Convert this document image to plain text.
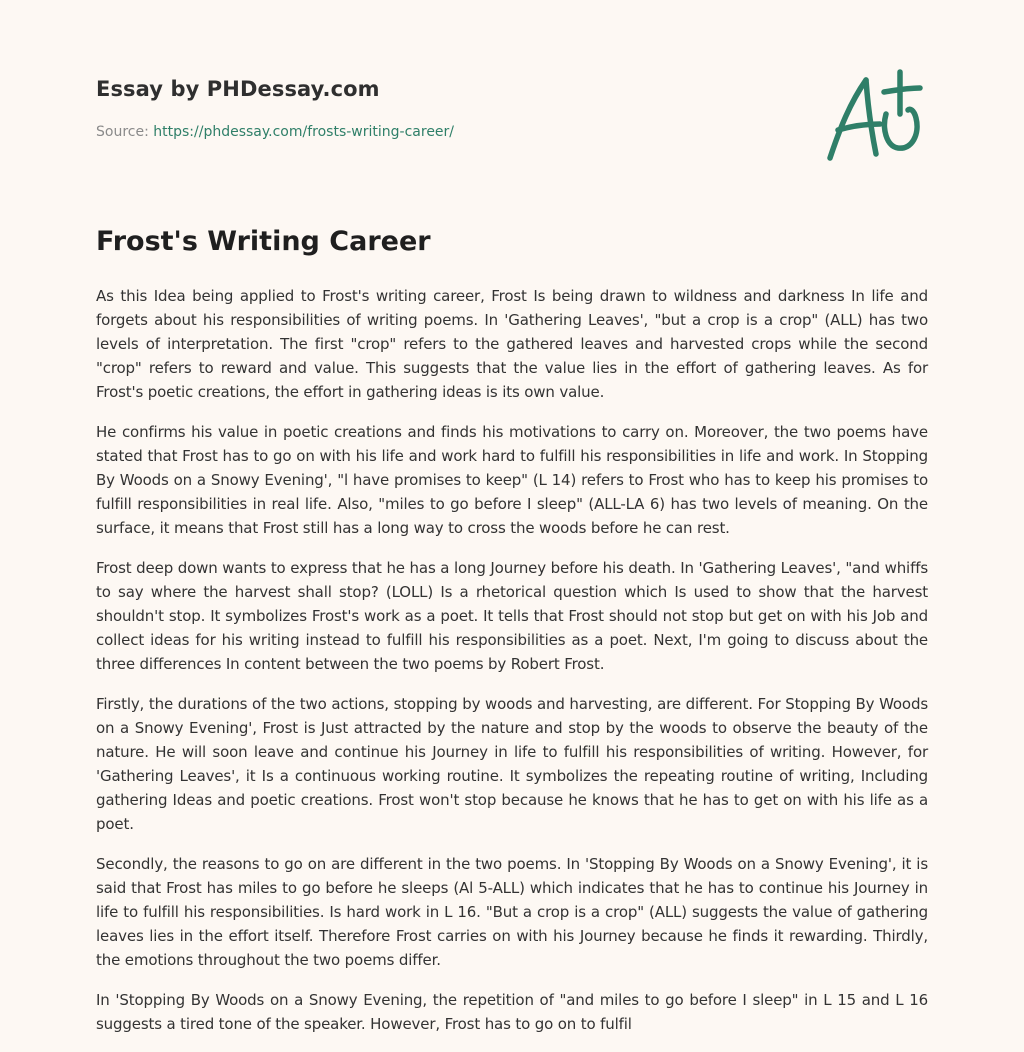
Essay by PHDessay.com
Source: https://phdessay.com/frosts-writing-career/
Frost's Writing Career

As this Idea being applied to Frost's writing career, Frost Is being drawn to wildness and darkness In life and forgets about his responsibilities of writing poems. In 'Gathering Leaves', "but a crop is a crop" (ALL) has two levels of interpretation. The first "crop" refers to the gathered leaves and harvested crops while the second "crop" refers to reward and value. This suggests that the value lies in the effort of gathering leaves. As for Frost's poetic creations, the effort in gathering ideas is its own value.

He confirms his value in poetic creations and finds his motivations to carry on. Moreover, the two poems have stated that Frost has to go on with his life and work hard to fulfill his responsibilities in life and work. In Stopping By Woods on a Snowy Evening', "l have promises to keep" (L 14) refers to Frost who has to keep his promises to fulfill responsibilities in real life. Also, "miles to go before I sleep" (ALL-LA 6) has two levels of meaning. On the surface, it means that Frost still has a long way to cross the woods before he can rest.

Frost deep down wants to express that he has a long Journey before his death. In 'Gathering Leaves', "and whiffs to say where the harvest shall stop? (LOLL) Is a rhetorical question which Is used to show that the harvest shouldn't stop. It symbolizes Frost's work as a poet. It tells that Frost should not stop but get on with his Job and collect ideas for his writing instead to fulfill his responsibilities as a poet. Next, I'm going to discuss about the three differences In content between the two poems by Robert Frost.

Firstly, the durations of the two actions, stopping by woods and harvesting, are different. For Stopping By Woods on a Snowy Evening', Frost is Just attracted by the nature and stop by the woods to observe the beauty of the nature. He will soon leave and continue his Journey in life to fulfill his responsibilities of writing. However, for 'Gathering Leaves', it Is a continuous working routine. It symbolizes the repeating routine of writing, Including gathering Ideas and poetic creations. Frost won't stop because he knows that he has to get on with his life as a poet.

Secondly, the reasons to go on are different in the two poems. In 'Stopping By Woods on a Snowy Evening', it is said that Frost has miles to go before he sleeps (Al 5-ALL) which indicates that he has to continue his Journey in life to fulfill his responsibilities. Is hard work in L 16. "But a crop is a crop" (ALL) suggests the value of gathering leaves lies in the effort itself. Therefore Frost carries on with his Journey because he finds it rewarding. Thirdly, the emotions throughout the two poems differ.

In 'Stopping By Woods on a Snowy Evening, the repetition of "and miles to go before I sleep" in L 15 and L 16 suggests a tired tone of the speaker. However, Frost has to go on to fulfil
